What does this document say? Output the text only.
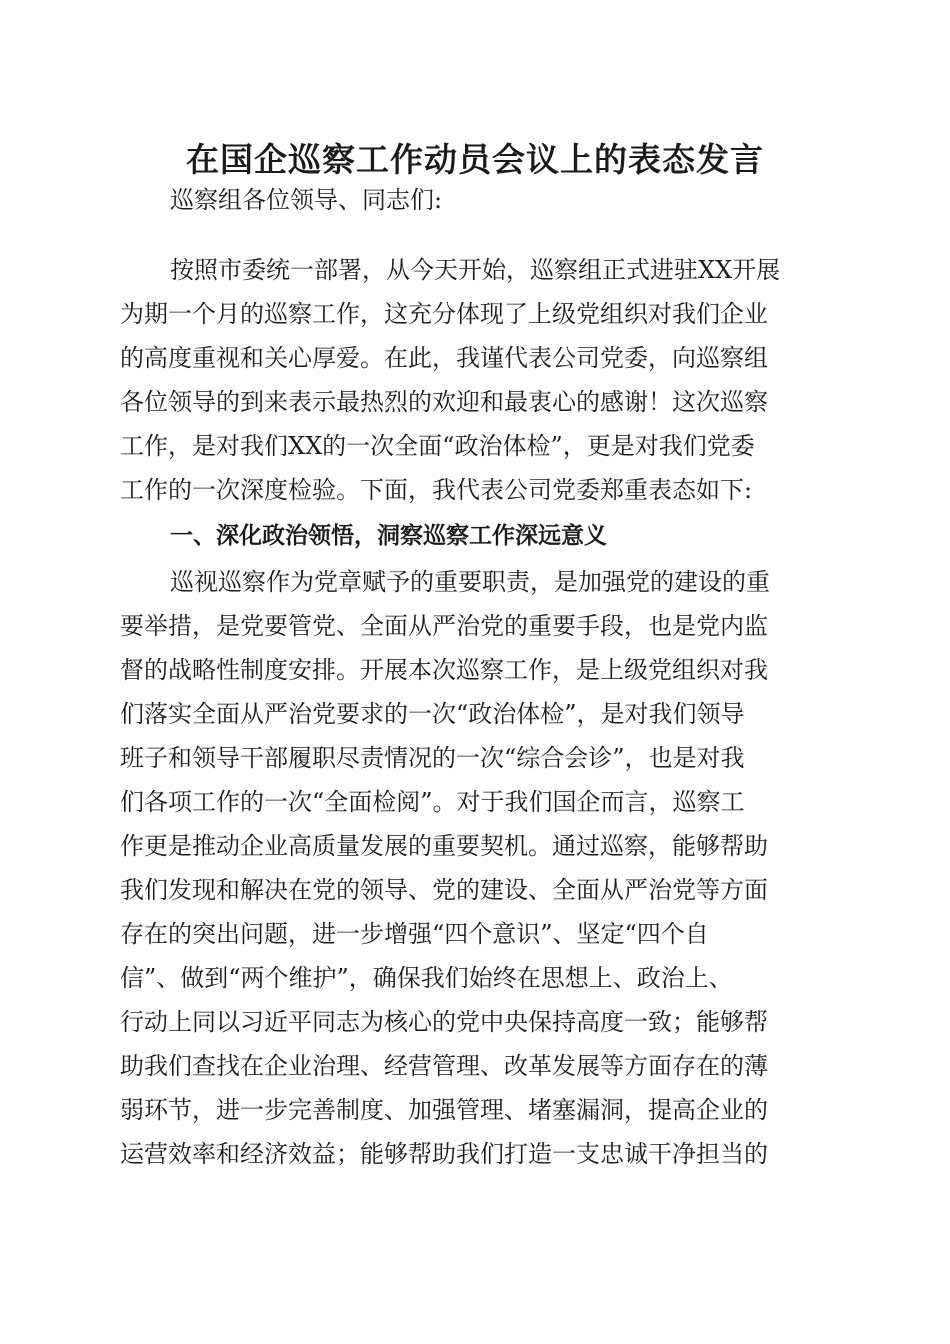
在国企巡察工作动员会议上的表态发言

巡察组各位领导、同志们:

按照市委统一部署，从今天开始，巡察组正式进驻XX开展

为期一个月的巡察工作，这充分体现了上级党组织对我们企业

的高度重视和关心厚爱。在此，我谨代表公司党委，向巡察组

各位领导的到来表示最热烈的欢迎和最衷心的感谢！这次巡察

工作，是对我们XX的一次全面“政治体检”，更是对我们党委

工作的一次深度检验。下面，我代表公司党委郑重表态如下:

一、深化政治领悟，洞察巡察工作深远意义

巡视巡察作为党章赋予的重要职责，是加强党的建设的重

要举措，是党要管党、全面从严治党的重要手段，也是党内监

督的战略性制度安排。开展本次巡察工作，是上级党组织对我

们落实全面从严治党要求的一次“政治体检”，是对我们领导

班子和领导干部履职尽责情况的一次“综合会诊”，也是对我

们各项工作的一次“全面检阅”。对于我们国企而言，巡察工

作更是推动企业高质量发展的重要契机。通过巡察，能够帮助

我们发现和解决在党的领导、党的建设、全面从严治党等方面

存在的突出问题，进一步增强“四个意识”、坚定“四个自

信”、做到“两个维护”，确保我们始终在思想上、政治上、

行动上同以习近平同志为核心的党中央保持高度一致；能够帮

助我们查找在企业治理、经营管理、改革发展等方面存在的薄

弱环节，进一步完善制度、加强管理、堵塞漏洞，提高企业的

运营效率和经济效益；能够帮助我们打造一支忠诚干净担当的
